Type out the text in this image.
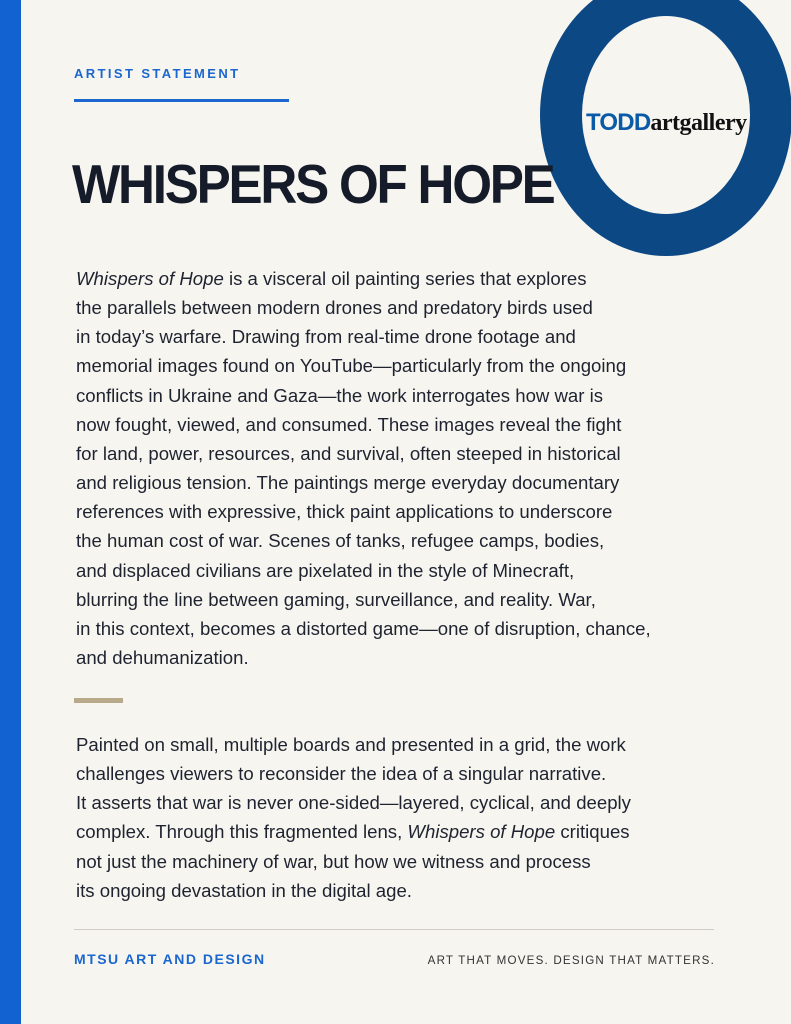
TODDartgallery
ARTIST STATEMENT
WHISPERS OF HOPE

Whispers of Hope is a visceral oil painting series that explores
the parallels between modern drones and predatory birds used
in today’s warfare. Drawing from real-time drone footage and
memorial images found on YouTube—particularly from the ongoing
conflicts in Ukraine and Gaza—the work interrogates how war is
now fought, viewed, and consumed. These images reveal the fight
for land, power, resources, and survival, often steeped in historical
and religious tension. The paintings merge everyday documentary
references with expressive, thick paint applications to underscore
the human cost of war. Scenes of tanks, refugee camps, bodies,
and displaced civilians are pixelated in the style of Minecraft,
blurring the line between gaming, surveillance, and reality. War,
in this context, becomes a distorted game—one of disruption, chance,
and dehumanization.

Painted on small, multiple boards and presented in a grid, the work
challenges viewers to reconsider the idea of a singular narrative.
It asserts that war is never one-sided—layered, cyclical, and deeply
complex. Through this fragmented lens, Whispers of Hope critiques
not just the machinery of war, but how we witness and process
its ongoing devastation in the digital age.

MTSU ART AND DESIGN	ART THAT MOVES. DESIGN THAT MATTERS.
